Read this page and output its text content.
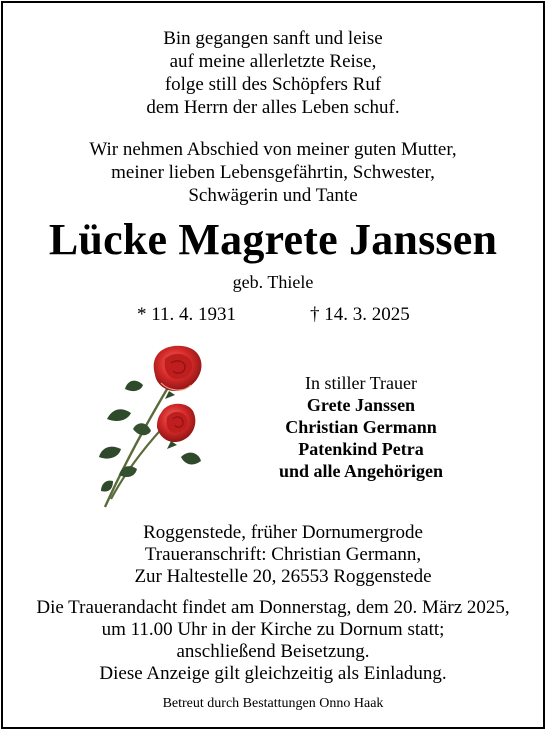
Bin gegangen sanft und leise
auf meine allerletzte Reise,
folge still des Schöpfers Ruf
dem Herrn der alles Leben schuf.
Wir nehmen Abschied von meiner guten Mutter,
meiner lieben Lebensgefährtin, Schwester,
Schwägerin und Tante
Lücke Magrete Janssen
geb. Thiele
* 11. 4. 1931	† 14. 3. 2025
In stiller Trauer
Grete Janssen
Christian Germann
Patenkind Petra
und alle Angehörigen
Roggenstede, früher Dornumergrode
Traueranschrift: Christian Germann,
Zur Haltestelle 20, 26553 Roggenstede
Die Trauerandacht findet am Donnerstag, dem 20. März 2025,
um 11.00 Uhr in der Kirche zu Dornum statt;
anschließend Beisetzung.
Diese Anzeige gilt gleichzeitig als Einladung.
Betreut durch Bestattungen Onno Haak
